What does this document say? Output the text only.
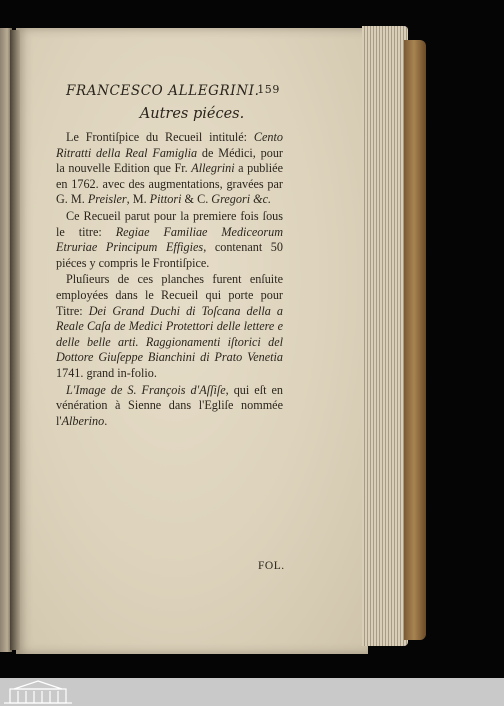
FRANCESCO ALLEGRINI.
159
Autres piéces.

Le Frontiſpice du Recueil intitulé: Cento Ritratti della Real Famiglia de Médici, pour la nouvelle Edition que Fr. Allegrini a publiée en 1762. avec des augmentations, gravées par G. M. Preisler, M. Pittori & C. Gregori &c.

Ce Recueil parut pour la premiere fois ſous le titre: Regiae Familiae Mediceorum Etruriae Principum Effigies, contenant 50 piéces y compris le Frontiſpice.

Pluſieurs de ces planches furent enſuite employées dans le Recueil qui porte pour Titre: Dei Grand Duchi di Toſcana della a Reale Caſa de Medici Protettori delle lettere e delle belle arti. Raggionamenti iſtorici del Dottore Giuſeppe Bianchini di Prato Venetia 1741. grand in-folio.

L'Image de S. François d'Aſſiſe, qui eſt en vénération à Sienne dans l'Egliſe nommée l'Alberino.

FOL.
